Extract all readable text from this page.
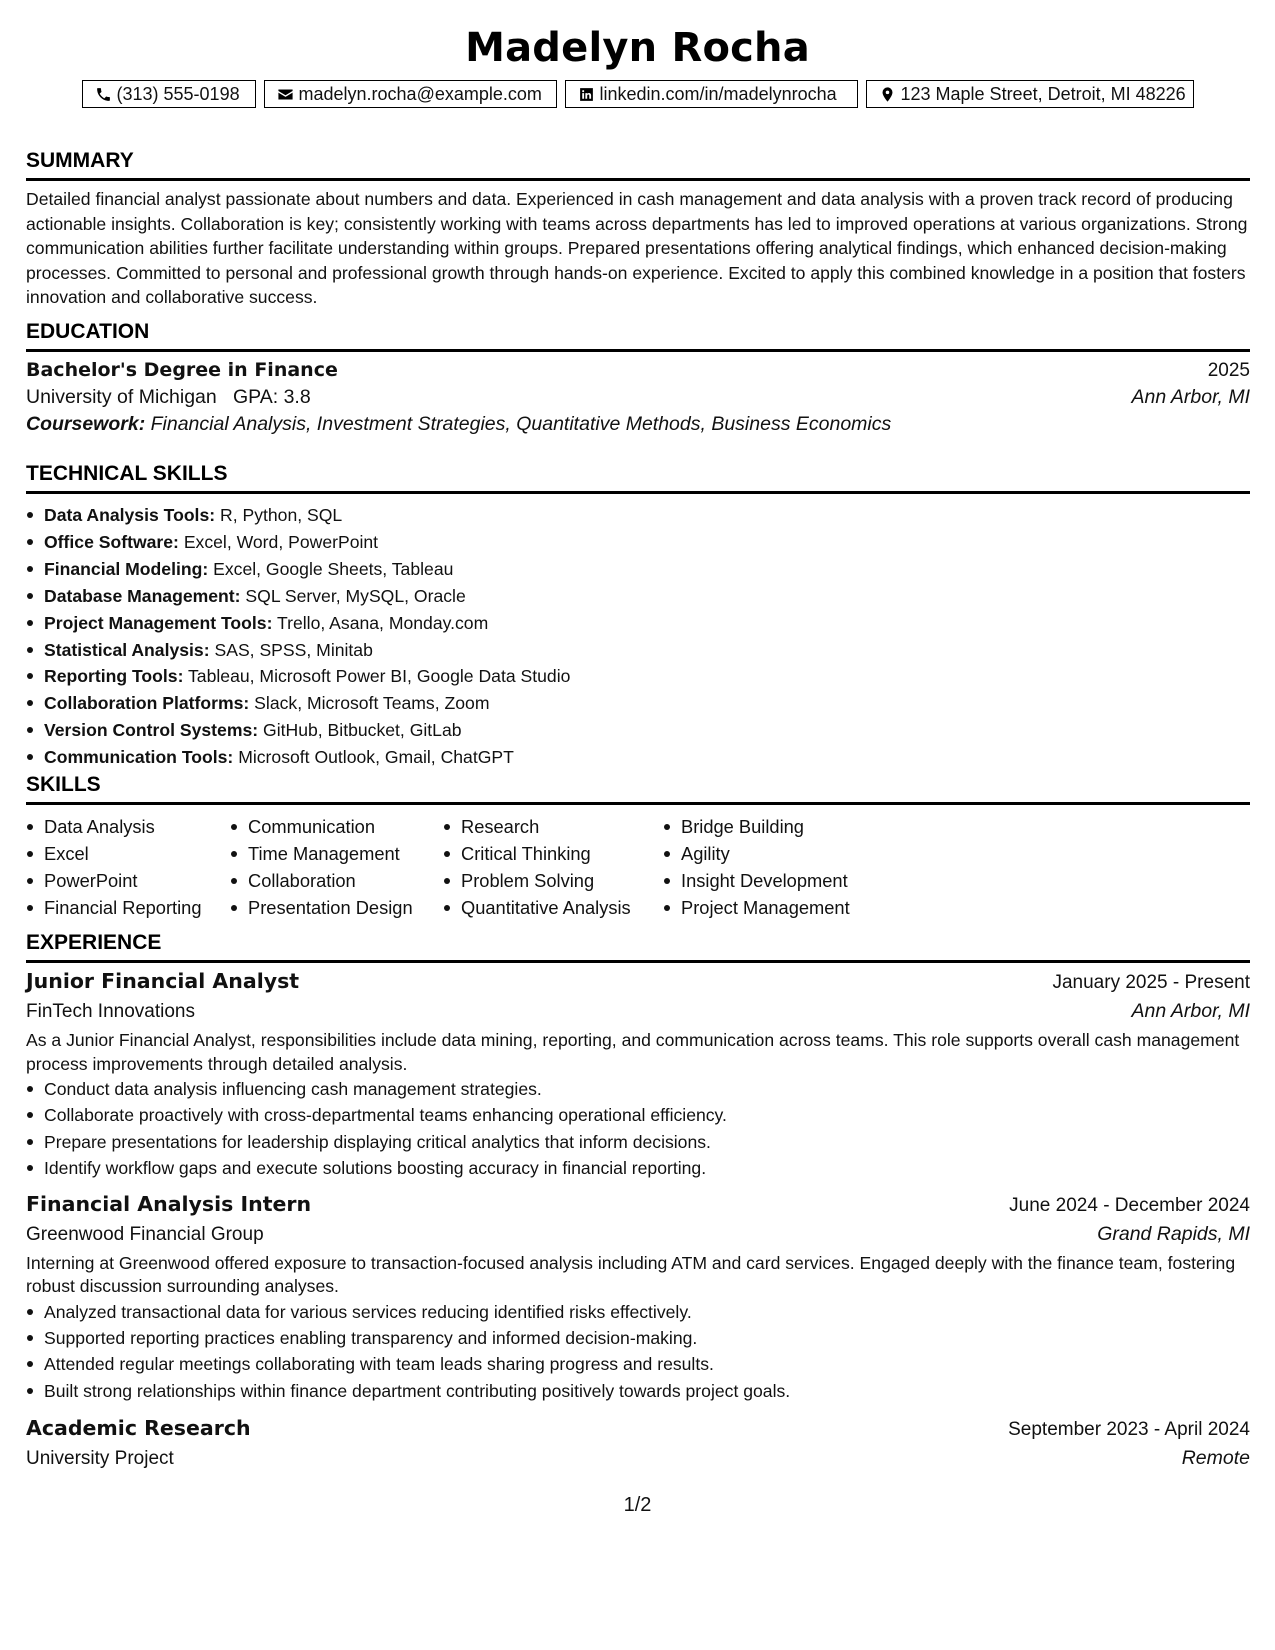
Madelyn Rocha
(313) 555-0198	madelyn.rocha@example.com	linkedin.com/in/madelynrocha	123 Maple Street, Detroit, MI 48226
SUMMARY

Detailed financial analyst passionate about numbers and data. Experienced in cash management and data analysis with a proven track record of producing actionable insights. Collaboration is key; consistently working with teams across departments has led to improved operations at various organizations. Strong communication abilities further facilitate understanding within groups. Prepared presentations offering analytical findings, which enhanced decision-making processes. Committed to personal and professional growth through hands-on experience. Excited to apply this combined knowledge in a position that fosters innovation and collaborative success.

EDUCATION
Bachelor's Degree in Finance	2025
University of Michigan GPA: 3.8	Ann Arbor, MI
Coursework: Financial Analysis, Investment Strategies, Quantitative Methods, Business Economics
TECHNICAL SKILLS
Data Analysis Tools: R, Python, SQL
Office Software: Excel, Word, PowerPoint
Financial Modeling: Excel, Google Sheets, Tableau
Database Management: SQL Server, MySQL, Oracle
Project Management Tools: Trello, Asana, Monday.com
Statistical Analysis: SAS, SPSS, Minitab
Reporting Tools: Tableau, Microsoft Power BI, Google Data Studio
Collaboration Platforms: Slack, Microsoft Teams, Zoom
Version Control Systems: GitHub, Bitbucket, GitLab
Communication Tools: Microsoft Outlook, Gmail, ChatGPT
SKILLS
Data Analysis
Excel
PowerPoint
Financial Reporting
Communication
Time Management
Collaboration
Presentation Design
Research
Critical Thinking
Problem Solving
Quantitative Analysis
Bridge Building
Agility
Insight Development
Project Management
EXPERIENCE
Junior Financial Analyst	January 2025 - Present
FinTech Innovations	Ann Arbor, MI

As a Junior Financial Analyst, responsibilities include data mining, reporting, and communication across teams. This role supports overall cash management process improvements through detailed analysis.

Conduct data analysis influencing cash management strategies.
Collaborate proactively with cross-departmental teams enhancing operational efficiency.
Prepare presentations for leadership displaying critical analytics that inform decisions.
Identify workflow gaps and execute solutions boosting accuracy in financial reporting.
Financial Analysis Intern	June 2024 - December 2024
Greenwood Financial Group	Grand Rapids, MI

Interning at Greenwood offered exposure to transaction-focused analysis including ATM and card services. Engaged deeply with the finance team, fostering robust discussion surrounding analyses.

Analyzed transactional data for various services reducing identified risks effectively.
Supported reporting practices enabling transparency and informed decision-making.
Attended regular meetings collaborating with team leads sharing progress and results.
Built strong relationships within finance department contributing positively towards project goals.
Academic Research	September 2023 - April 2024
University Project	Remote
1/2
